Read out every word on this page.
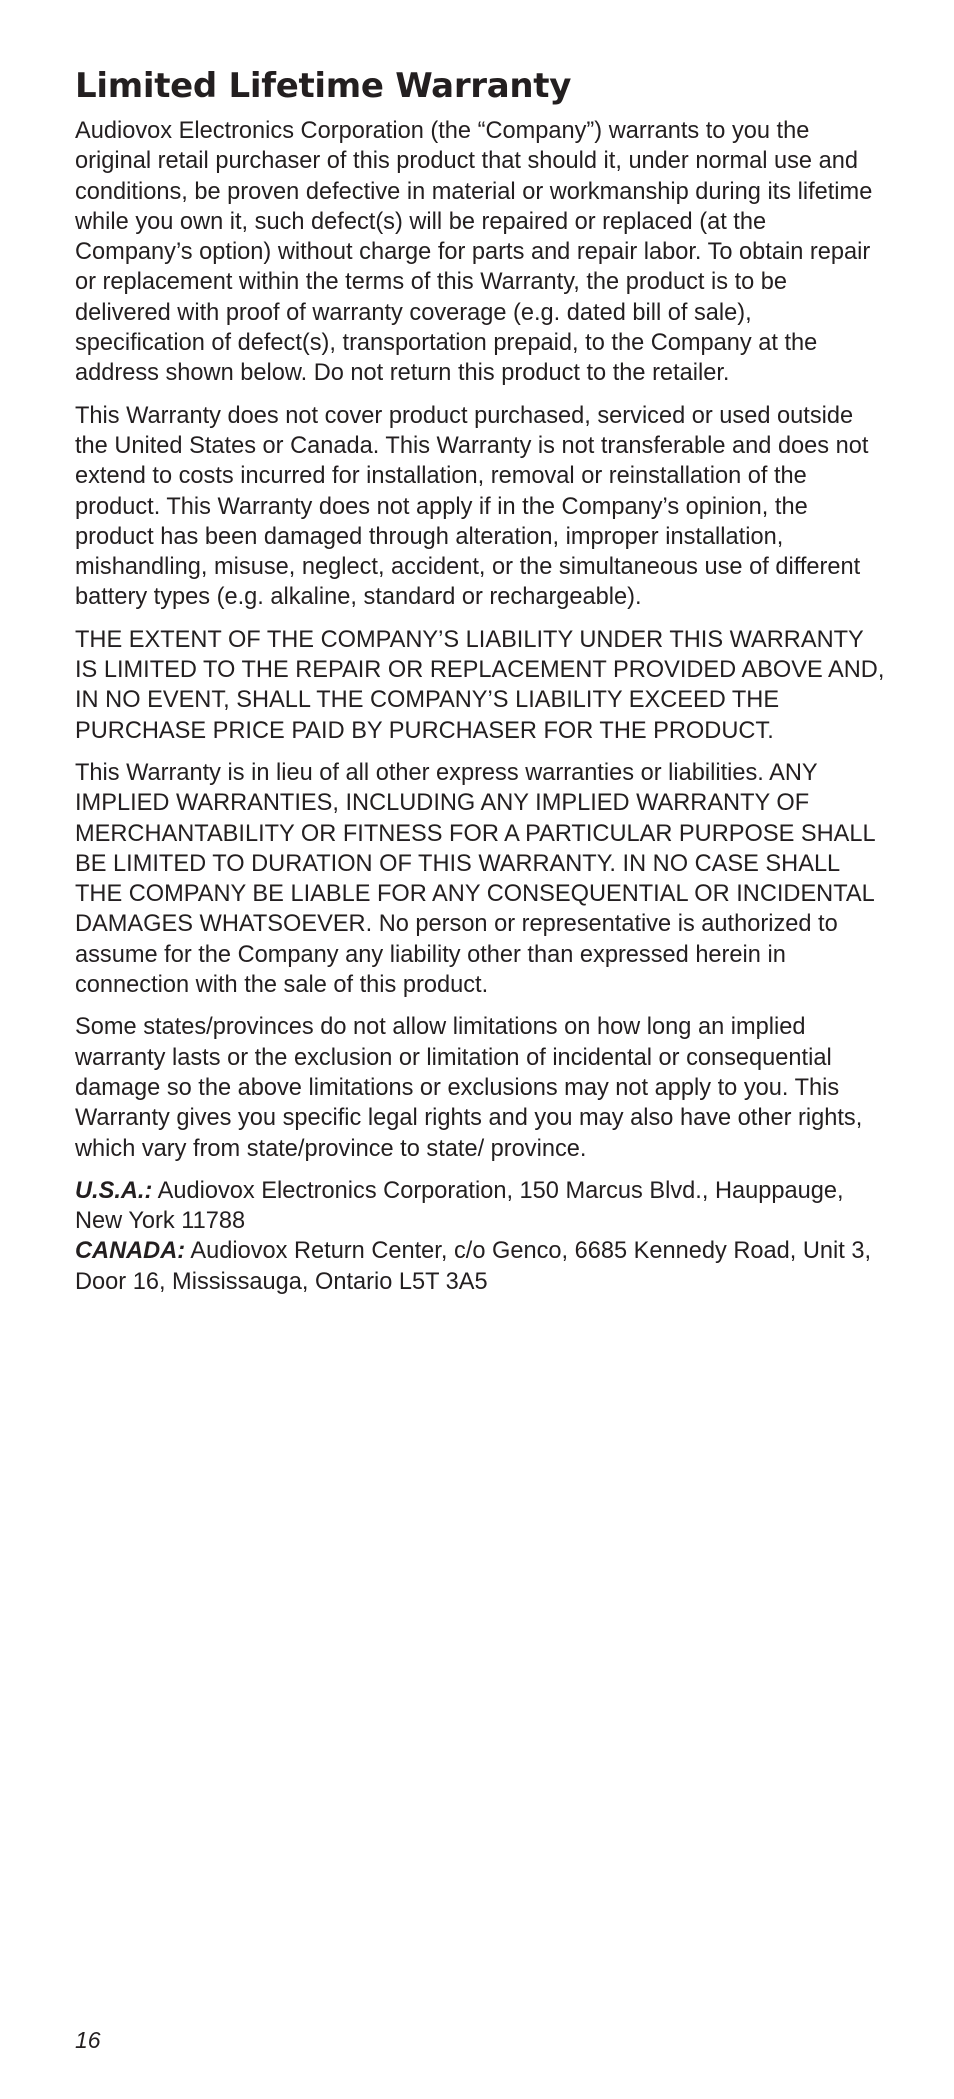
Limited Lifetime Warranty

Audiovox Electronics Corporation (the “Company”) warrants to you the original retail purchaser of this product that should it, under normal use and conditions, be proven defective in material or workmanship during its lifetime while you own it, such defect(s) will be repaired or replaced (at the Company’s option) without charge for parts and repair labor. To obtain repair or replacement within the terms of this Warranty, the product is to be delivered with proof of warranty coverage (e.g. dated bill of sale), specification of defect(s), transportation prepaid, to the Company at the address shown below. Do not return this product to the retailer.

This Warranty does not cover product purchased, serviced or used outside the United States or Canada. This Warranty is not transferable and does not extend to costs incurred for installation, removal or reinstallation of the product. This Warranty does not apply if in the Company’s opinion, the product has been damaged through alteration, improper installation, mishandling, misuse, neglect, accident, or the simultaneous use of different battery types (e.g. alkaline, standard or rechargeable).

THE EXTENT OF THE COMPANY’S LIABILITY UNDER THIS WARRANTY IS LIMITED TO THE REPAIR OR REPLACEMENT PROVIDED ABOVE AND, IN NO EVENT, SHALL THE COMPANY’S LIABILITY EXCEED THE PURCHASE PRICE PAID BY PURCHASER FOR THE PRODUCT.

This Warranty is in lieu of all other express warranties or liabilities. ANY IMPLIED WARRANTIES, INCLUDING ANY IMPLIED WARRANTY OF MERCHANTABILITY OR FITNESS FOR A PARTICULAR PURPOSE SHALL BE LIMITED TO DURATION OF THIS WARRANTY. IN NO CASE SHALL THE COMPANY BE LIABLE FOR ANY CONSEQUENTIAL OR INCIDENTAL DAMAGES WHATSOEVER. No person or representative is authorized to assume for the Company any liability other than expressed herein in connection with the sale of this product.

Some states/provinces do not allow limitations on how long an implied warranty lasts or the exclusion or limitation of incidental or consequential damage so the above limitations or exclusions may not apply to you. This Warranty gives you specific legal rights and you may also have other rights, which vary from state/province to state/ province.

U.S.A.: Audiovox Electronics Corporation, 150 Marcus Blvd., Hauppauge, New York 11788

CANADA: Audiovox Return Center, c/o Genco, 6685 Kennedy Road, Unit 3, Door 16, Mississauga, Ontario L5T 3A5

16
